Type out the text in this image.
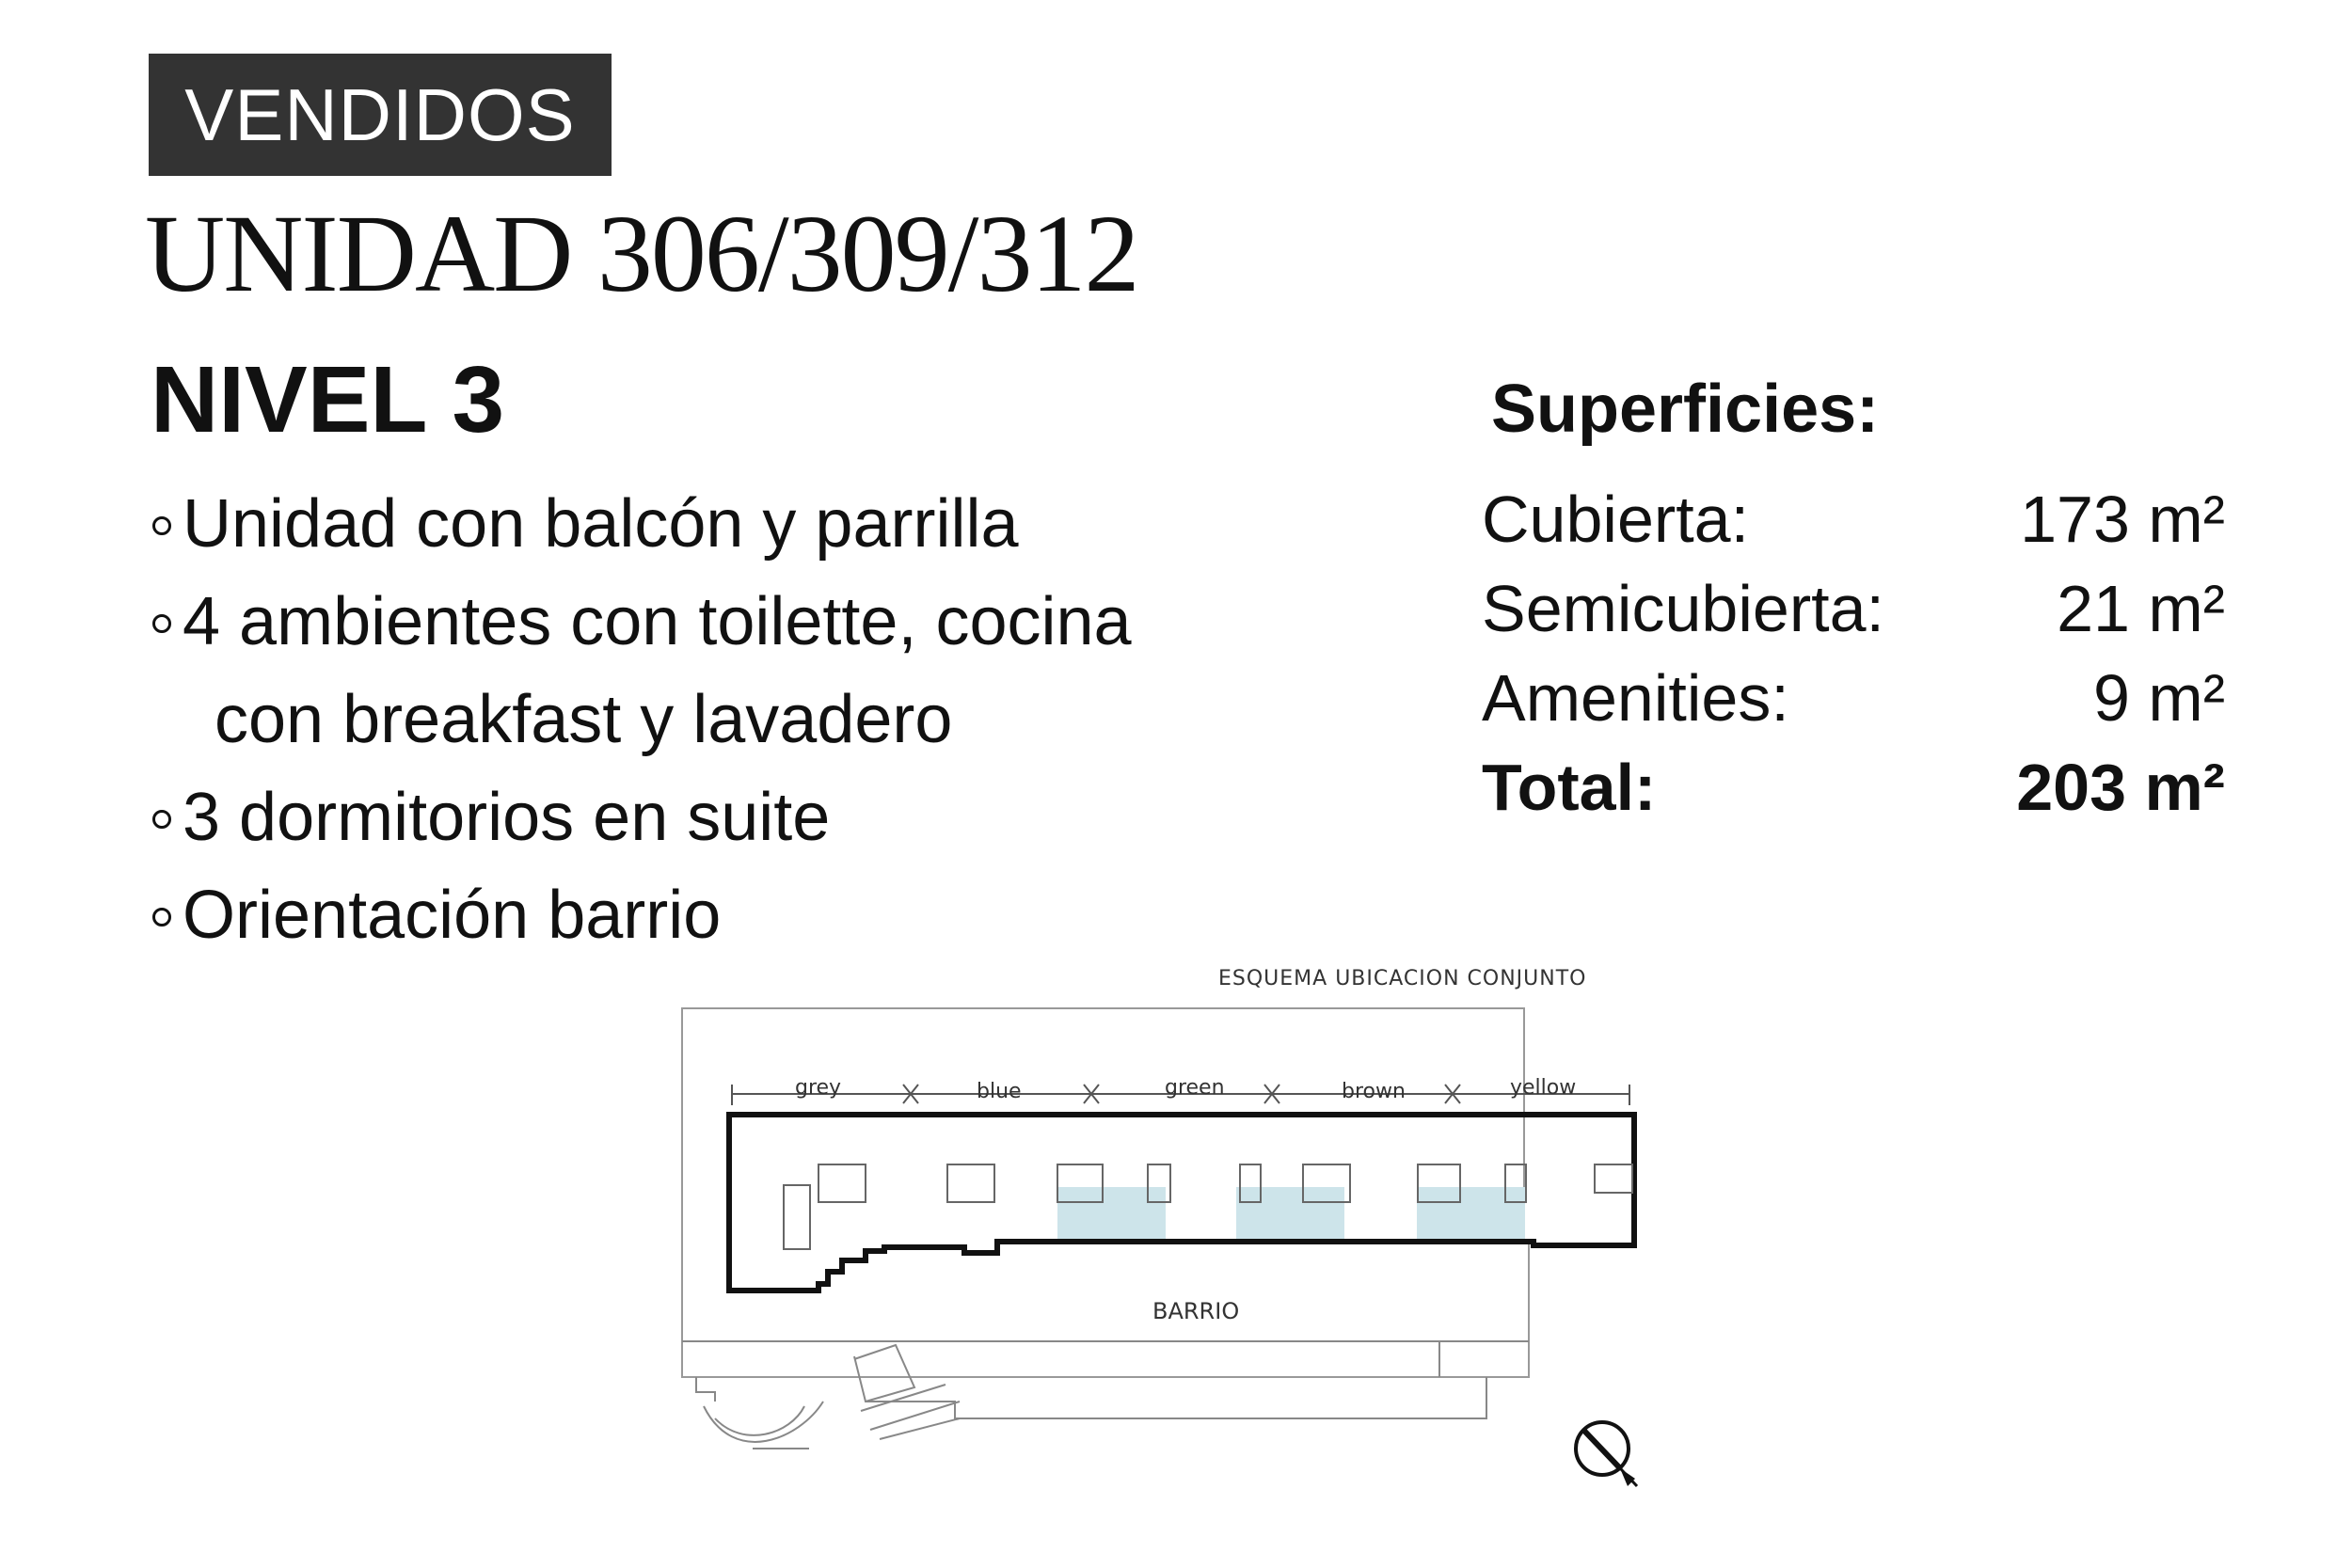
VENDIDOS
UNIDAD 306/309/312
NIVEL 3
Unidad con balcón y parrilla
4 ambientes con toilette, cocina
con breakfast y lavadero
3 dormitorios en suite
Orientación barrio
Superficies:
Cubierta:	173 m²
Semicubierta:	21 m²
Amenities:	9 m²
Total:	203 m²
ESQUEMA UBICACION CONJUNTO
grey	blue	green	brown	yellow
BARRIO
